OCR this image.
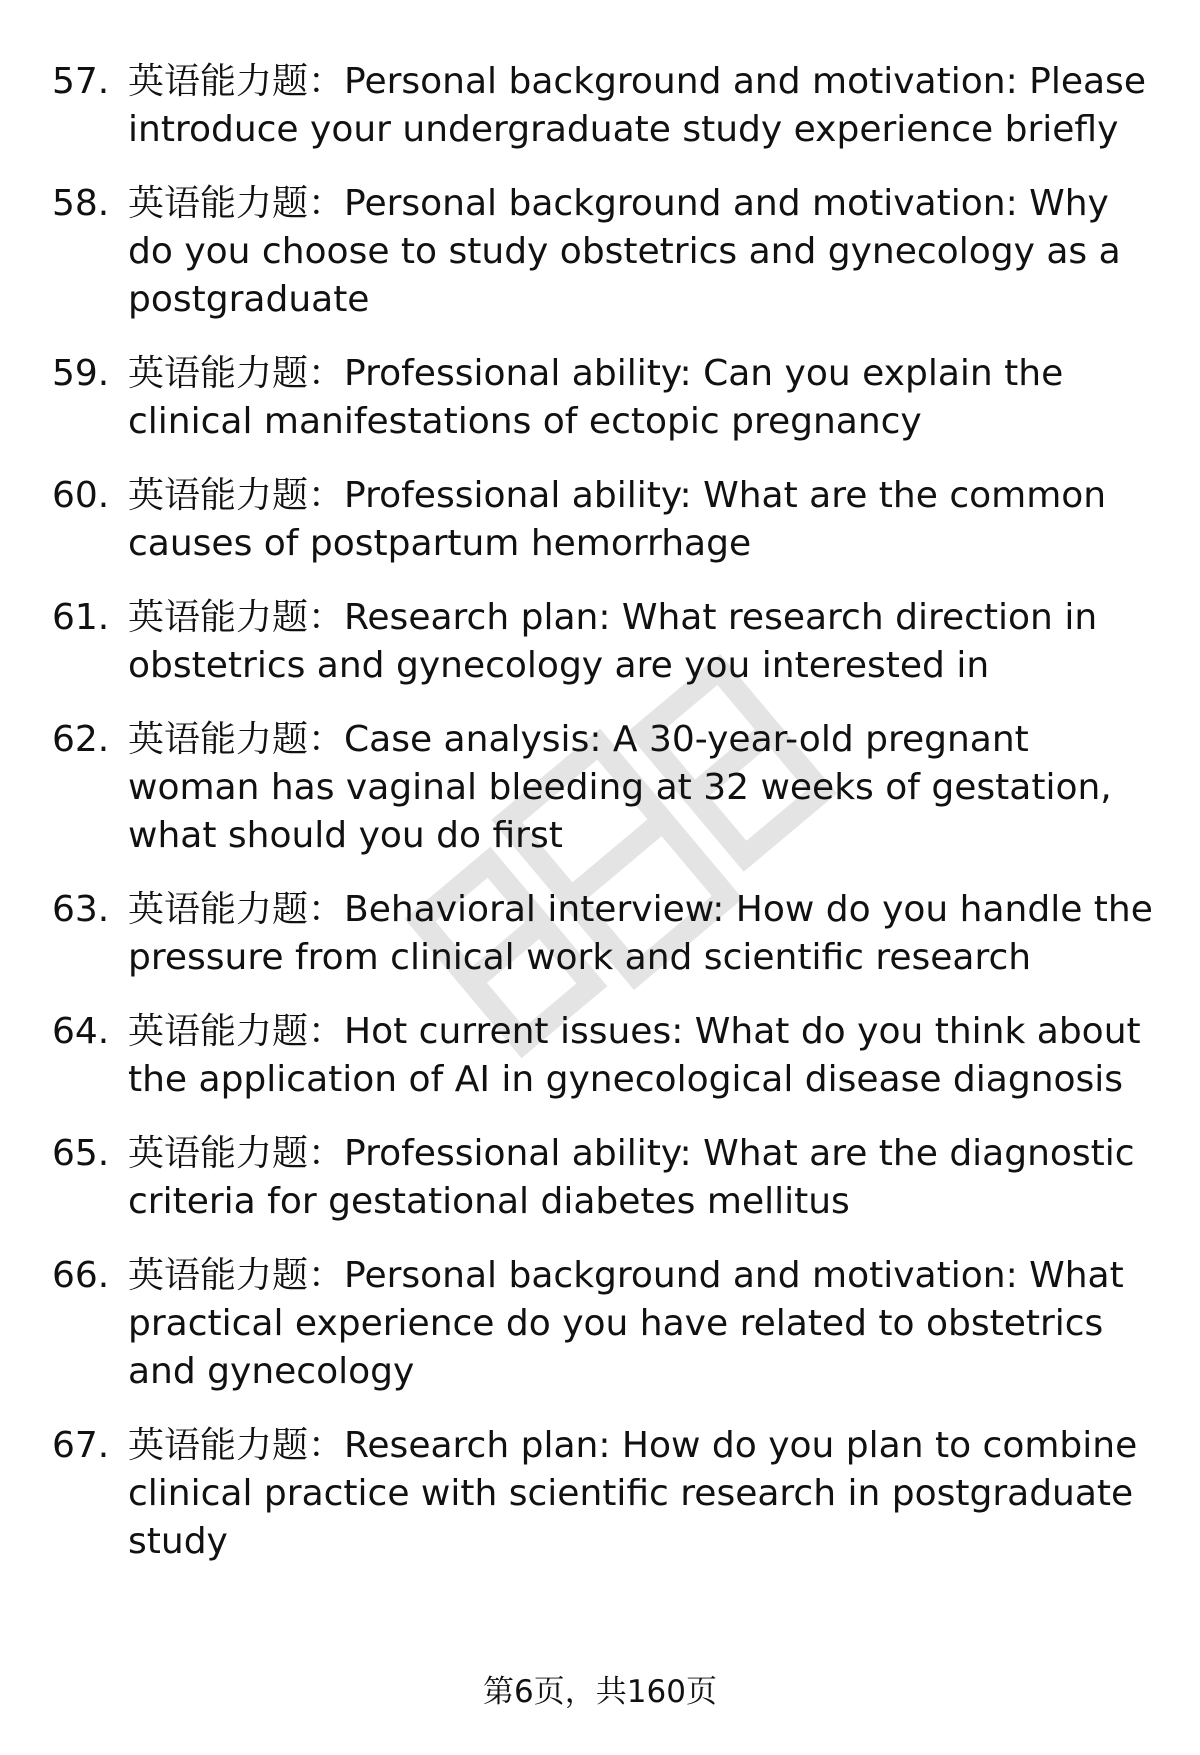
57. 英语能力题：Personal background and motivation: Please introduce your undergraduate study experience briefly
58. 英语能力题：Personal background and motivation: Why do you choose to study obstetrics and gynecology as a postgraduate
59. 英语能力题：Professional ability: Can you explain the clinical manifestations of ectopic pregnancy
60. 英语能力题：Professional ability: What are the common causes of postpartum hemorrhage
61. 英语能力题：Research plan: What research direction in obstetrics and gynecology are you interested in
62. 英语能力题：Case analysis: A 30-year-old pregnant woman has vaginal bleeding at 32 weeks of gestation, what should you do first
63. 英语能力题：Behavioral interview: How do you handle the pressure from clinical work and scientific research
64. 英语能力题：Hot current issues: What do you think about the application of AI in gynecological disease diagnosis
65. 英语能力题：Professional ability: What are the diagnostic criteria for gestational diabetes mellitus
66. 英语能力题：Personal background and motivation: What practical experience do you have related to obstetrics and gynecology
67. 英语能力题：Research plan: How do you plan to combine clinical practice with scientific research in postgraduate study
第6页，共160页
